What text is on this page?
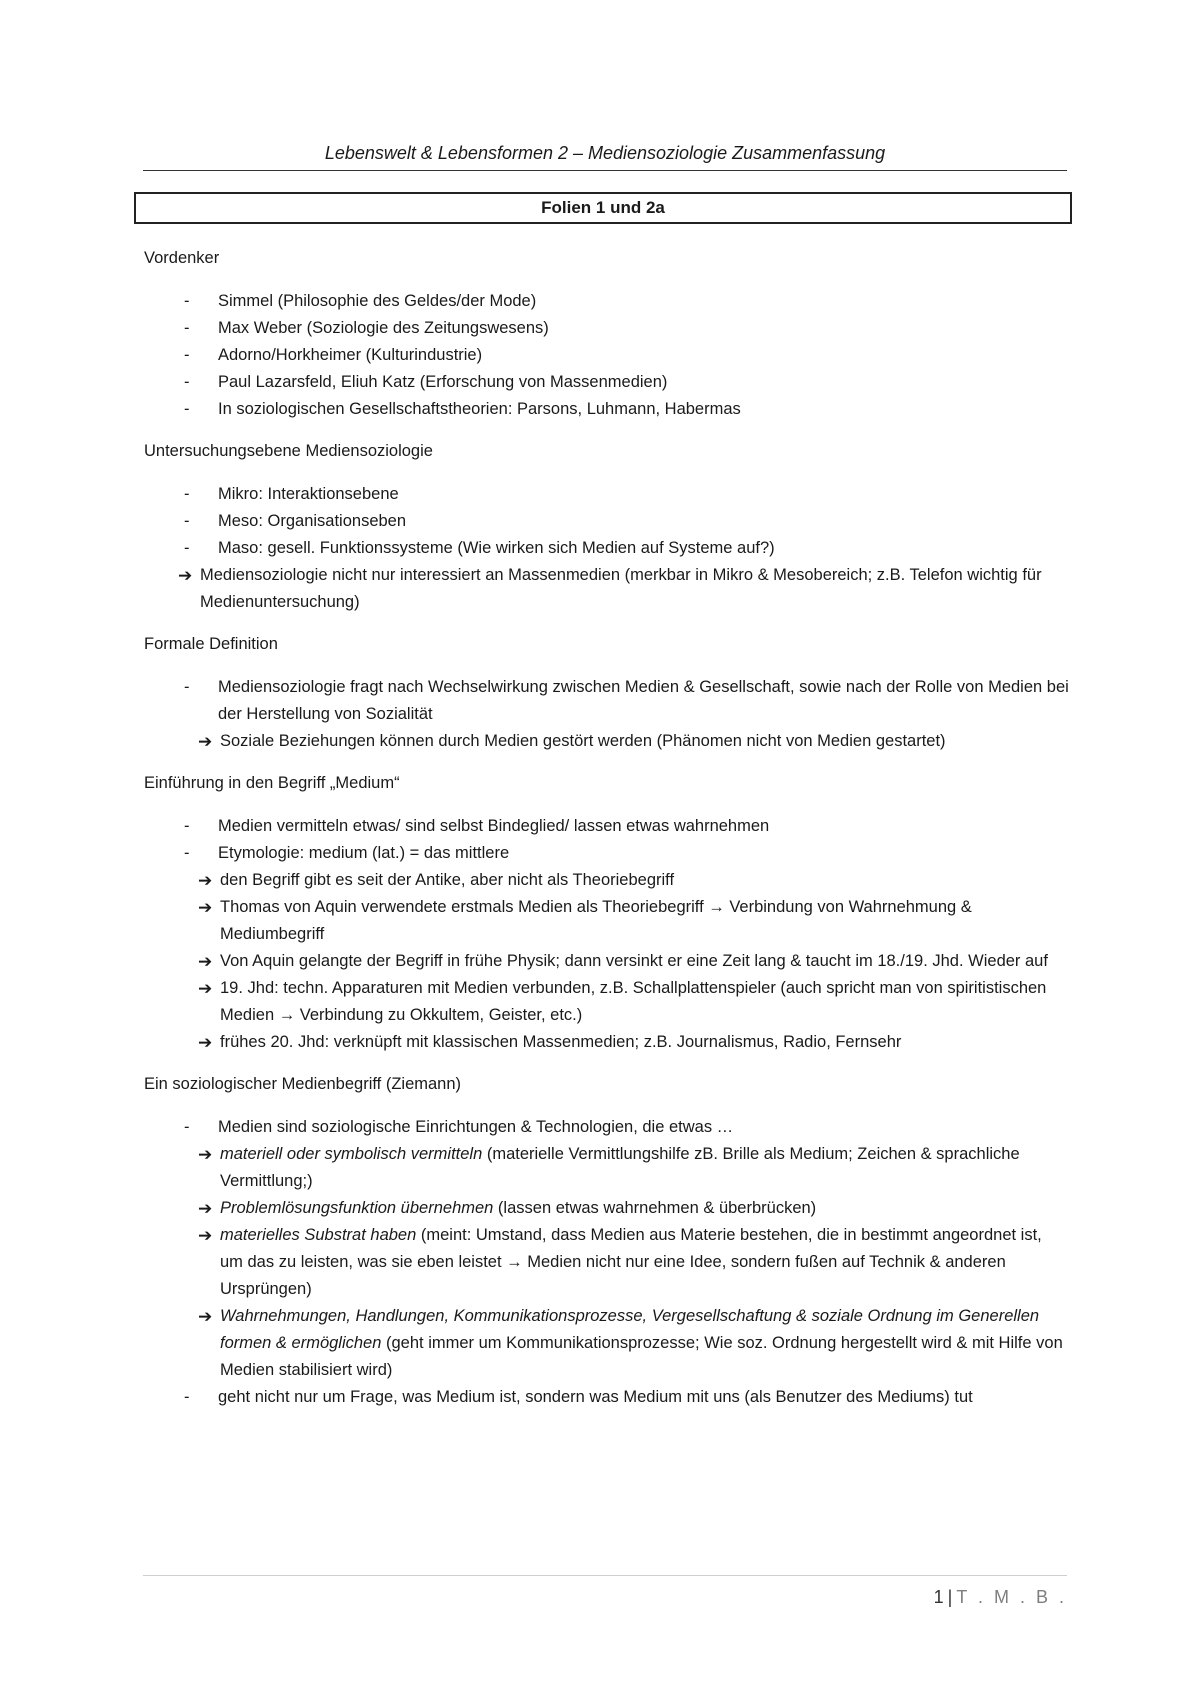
Lebenswelt & Lebensformen 2 – Mediensoziologie Zusammenfassung
Folien 1 und 2a

Vordenker

- Simmel (Philosophie des Geldes/der Mode)
- Max Weber (Soziologie des Zeitungswesens)
- Adorno/Horkheimer (Kulturindustrie)
- Paul Lazarsfeld, Eliuh Katz (Erforschung von Massenmedien)
- In soziologischen Gesellschaftstheorien: Parsons, Luhmann, Habermas

Untersuchungsebene Mediensoziologie

- Mikro: Interaktionsebene
- Meso: Organisationseben
- Maso: gesell. Funktionssysteme (Wie wirken sich Medien auf Systeme auf?)
➔ Mediensoziologie nicht nur interessiert an Massenmedien (merkbar in Mikro & Mesobereich; z.B. Telefon wichtig für Medienuntersuchung)

Formale Definition

- Mediensoziologie fragt nach Wechselwirkung zwischen Medien & Gesellschaft, sowie nach der Rolle von Medien bei der Herstellung von Sozialität
➔ Soziale Beziehungen können durch Medien gestört werden (Phänomen nicht von Medien gestartet)

Einführung in den Begriff „Medium“

- Medien vermitteln etwas/ sind selbst Bindeglied/ lassen etwas wahrnehmen
- Etymologie: medium (lat.) = das mittlere
➔ den Begriff gibt es seit der Antike, aber nicht als Theoriebegriff
➔ Thomas von Aquin verwendete erstmals Medien als Theoriebegriff → Verbindung von Wahrnehmung & Mediumbegriff
➔ Von Aquin gelangte der Begriff in frühe Physik; dann versinkt er eine Zeit lang & taucht im 18./19. Jhd. Wieder auf
➔ 19. Jhd: techn. Apparaturen mit Medien verbunden, z.B. Schallplattenspieler (auch spricht man von spiritistischen Medien → Verbindung zu Okkultem, Geister, etc.)
➔ frühes 20. Jhd: verknüpft mit klassischen Massenmedien; z.B. Journalismus, Radio, Fernsehr

Ein soziologischer Medienbegriff (Ziemann)

- Medien sind soziologische Einrichtungen & Technologien, die etwas …
➔ materiell oder symbolisch vermitteln (materielle Vermittlungshilfe zB. Brille als Medium; Zeichen & sprachliche Vermittlung;)
➔ Problemlösungsfunktion übernehmen (lassen etwas wahrnehmen & überbrücken)
➔ materielles Substrat haben (meint: Umstand, dass Medien aus Materie bestehen, die in bestimmt angeordnet ist, um das zu leisten, was sie eben leistet → Medien nicht nur eine Idee, sondern fußen auf Technik & anderen Ursprüngen)
➔ Wahrnehmungen, Handlungen, Kommunikationsprozesse, Vergesellschaftung & soziale Ordnung im Generellen formen & ermöglichen (geht immer um Kommunikationsprozesse; Wie soz. Ordnung hergestellt wird & mit Hilfe von Medien stabilisiert wird)
- geht nicht nur um Frage, was Medium ist, sondern was Medium mit uns (als Benutzer des Mediums) tut
1 | T . M . B .
